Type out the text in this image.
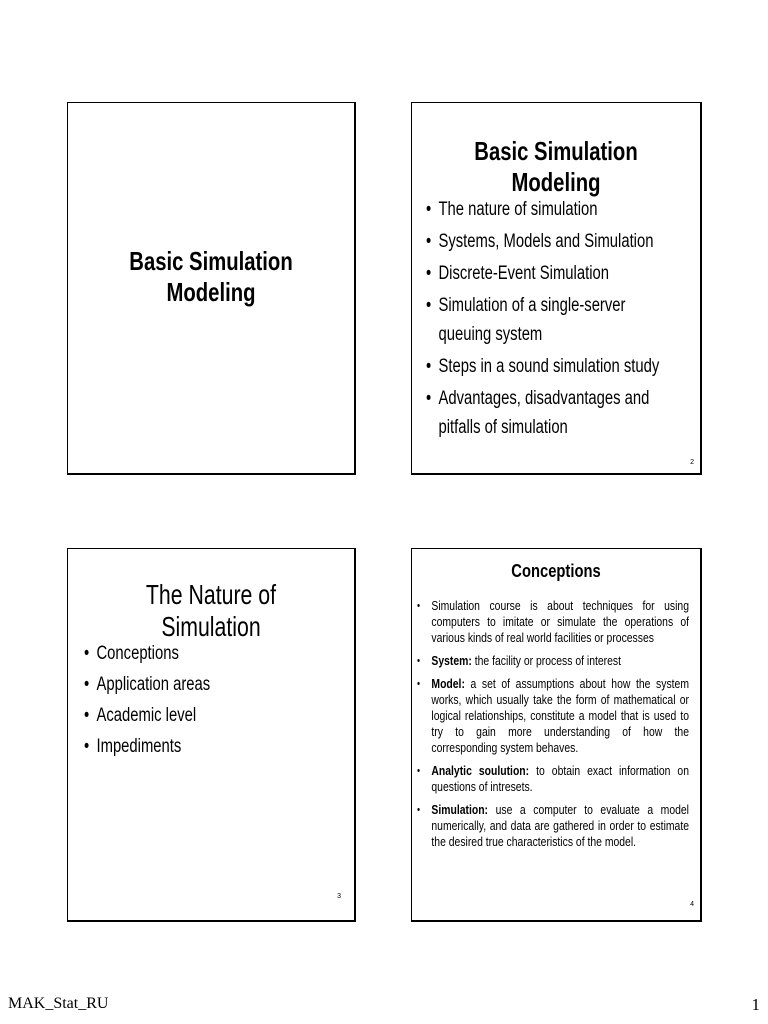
Basic Simulation Modeling
Basic Simulation Modeling
• The nature of simulation
• Systems, Models and Simulation
• Discrete-Event Simulation
• Simulation of a single-server queuing system
• Steps in a sound simulation study
• Advantages, disadvantages and pitfalls of simulation
2
The Nature of Simulation
• Conceptions
• Application areas
• Academic level
• Impediments
3
Conceptions
• Simulation course is about techniques for using computers to imitate or simulate the operations of various kinds of real world facilities or processes
• System: the facility or process of interest
• Model: a set of assumptions about how the system works, which usually take the form of mathematical or logical relationships, constitute a model that is used to try to gain more understanding of how the corresponding system behaves.
• Analytic soulution: to obtain exact information on questions of intresets.
• Simulation: use a computer to evaluate a model numerically, and data are gathered in order to estimate the desired true characteristics of the model.
4
MAK_Stat_RU	1
